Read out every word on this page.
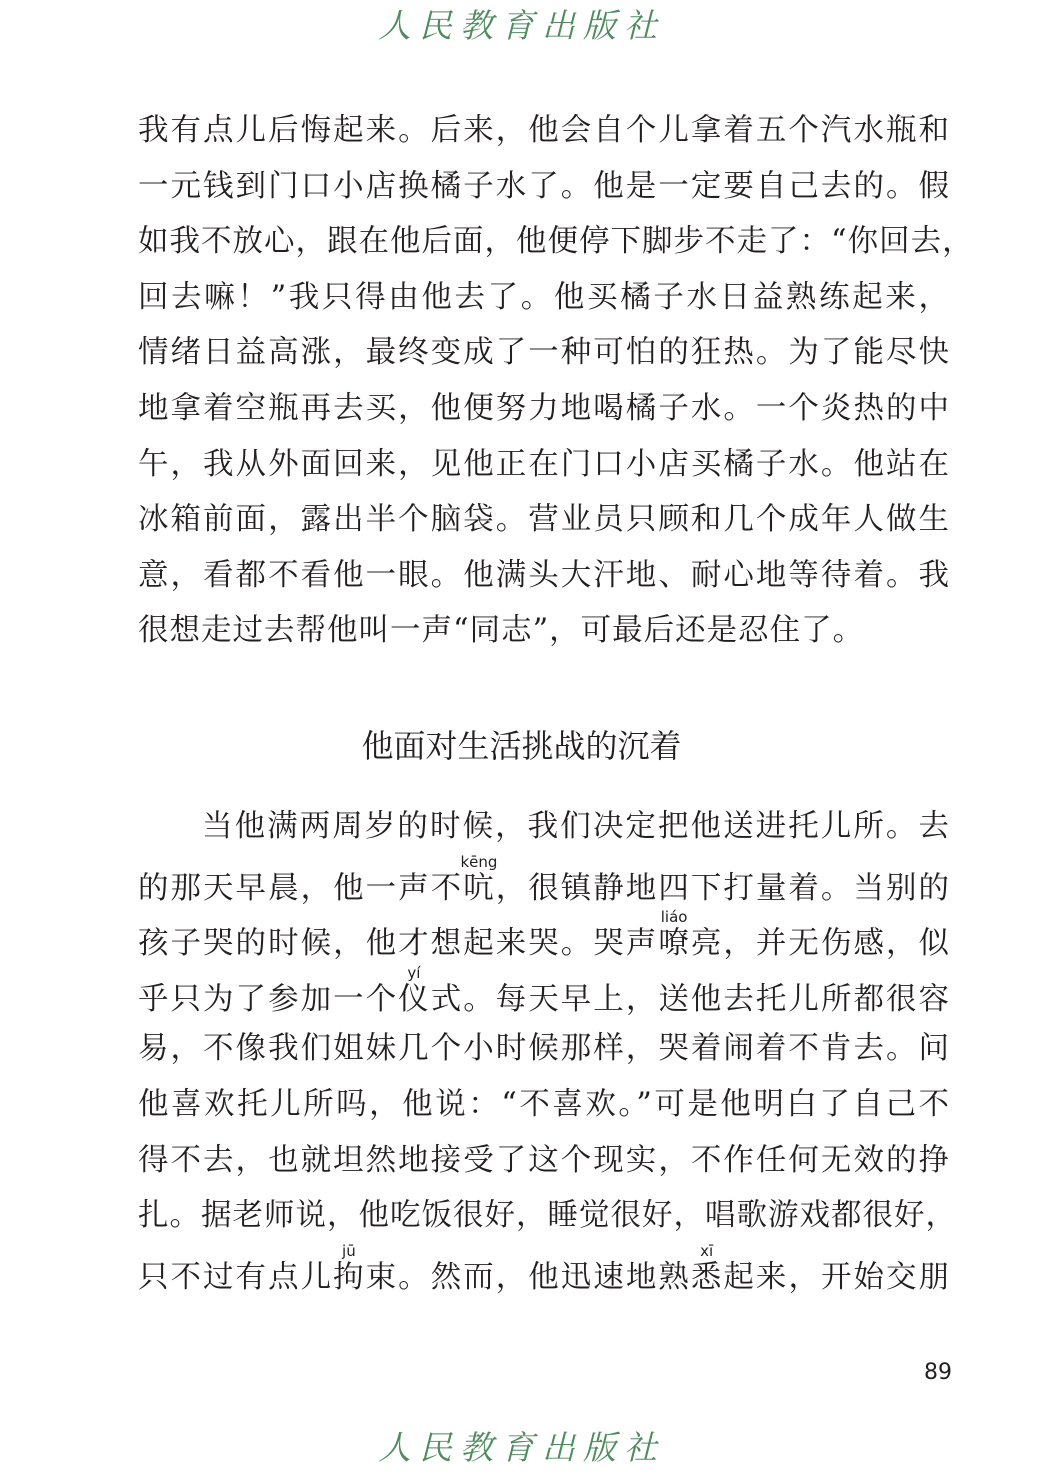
人民教育出版社
我有点儿后悔起来。后来，他会自个儿拿着五个汽水瓶和
一元钱到门口小店换橘子水了。他是一定要自己去的。假
如我不放心，跟在他后面，他便停下脚步不走了：“你回去，
回去嘛！”我只得由他去了。他买橘子水日益熟练起来，
情绪日益高涨，最终变成了一种可怕的狂热。为了能尽快
地拿着空瓶再去买，他便努力地喝橘子水。一个炎热的中
午，我从外面回来，见他正在门口小店买橘子水。他站在
冰箱前面，露出半个脑袋。营业员只顾和几个成年人做生
意，看都不看他一眼。他满头大汗地、耐心地等待着。我
很想走过去帮他叫一声“同志”，可最后还是忍住了。
他面对生活挑战的沉着
当他满两周岁的时候，我们决定把他送进托儿所。去
的那天早晨，他一声不吭kēng，很镇静地四下打量着。当别的
孩子哭的时候，他才想起来哭。哭声嘹liáo亮，并无伤感，似
乎只为了参加一个仪yí式。每天早上，送他去托儿所都很容
易，不像我们姐妹几个小时候那样，哭着闹着不肯去。问
他喜欢托儿所吗，他说：“不喜欢。”可是他明白了自己不
得不去，也就坦然地接受了这个现实，不作任何无效的挣
扎。据老师说，他吃饭很好，睡觉很好，唱歌游戏都很好，
只不过有点儿拘jū束。然而，他迅速地熟悉xī起来，开始交朋
89
人民教育出版社
